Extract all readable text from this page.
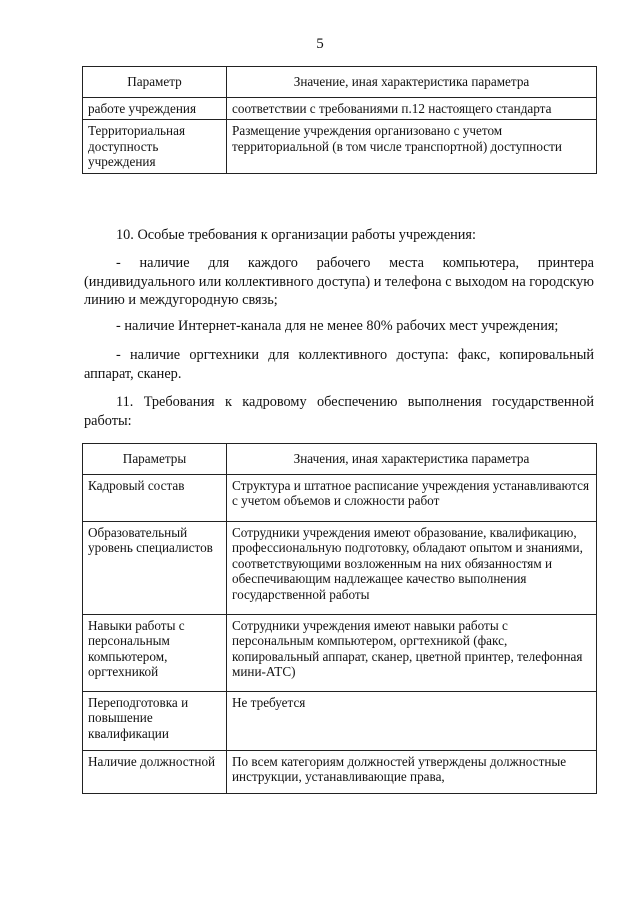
5
Параметр	Значение, иная характеристика параметра
работе учреждения	соответствии с требованиями п.12 настоящего стандарта
Территориальная доступность учреждения	Размещение учреждения организовано с учетом территориальной (в том числе транспортной) доступности

10. Особые требования к организации работы учреждения:

- наличие для каждого рабочего места компьютера, принтера (индивидуального или коллективного доступа) и телефона с выходом на городскую линию и междугородную связь;

- наличие Интернет-канала для не менее 80% рабочих мест учреждения;

- наличие оргтехники для коллективного доступа: факс, копировальный аппарат, сканер.

11. Требования к кадровому обеспечению выполнения государственной работы:

Параметры	Значения, иная характеристика параметра
Кадровый состав	Структура и штатное расписание учреждения устанавливаются с учетом объемов и сложности работ
Образовательный уровень специалистов	Сотрудники учреждения имеют образование, квалификацию, профессиональную подготовку, обладают опытом и знаниями, соответствующими возложенным на них обязанностям и обеспечивающим надлежащее качество выполнения государственной работы
Навыки работы с персональным компьютером, оргтехникой	Сотрудники учреждения имеют навыки работы с персональным компьютером, оргтехникой (факс, копировальный аппарат, сканер, цветной принтер, телефонная мини-АТС)
Переподготовка и повышение квалификации	Не требуется
Наличие должностной	По всем категориям должностей утверждены должностные инструкции, устанавливающие права,
